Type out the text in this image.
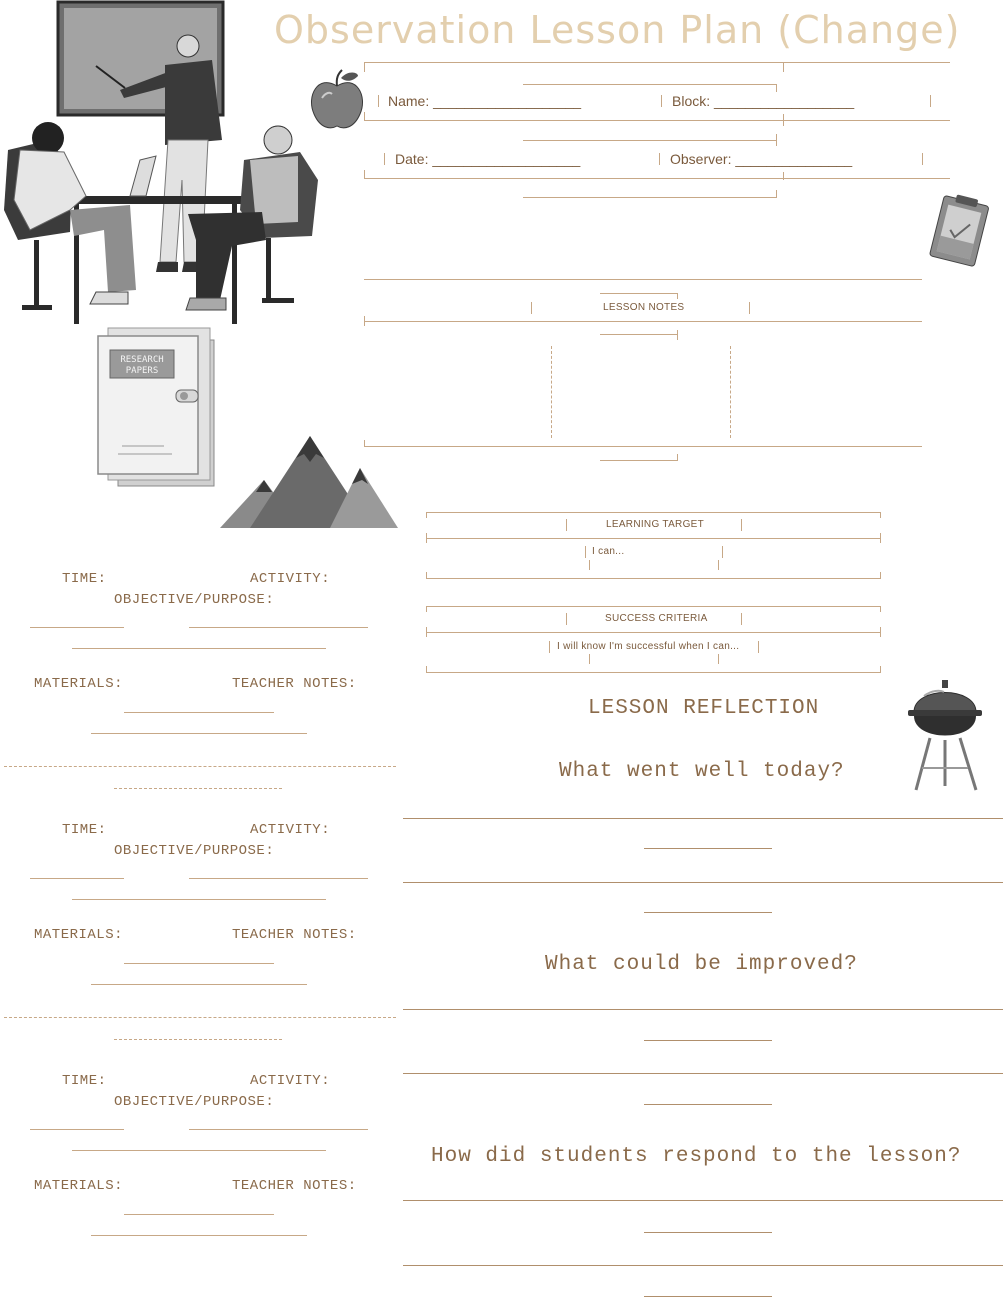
Observation Lesson Plan (Change)
Name: ___________________	Block: __________________
Date: ___________________	Observer: _______________
LESSON NOTES
RESEARCH
PAPERS
LEARNING TARGET
I can...
SUCCESS CRITERIA
I will know I'm successful when I can...
TIME:	ACTIVITY:
OBJECTIVE/PURPOSE:
MATERIALS:	TEACHER NOTES:
TIME:	ACTIVITY:
OBJECTIVE/PURPOSE:
MATERIALS:	TEACHER NOTES:
TIME:	ACTIVITY:
OBJECTIVE/PURPOSE:
MATERIALS:	TEACHER NOTES:
LESSON REFLECTION
What went well today?
What could be improved?
How did students respond to the lesson?
